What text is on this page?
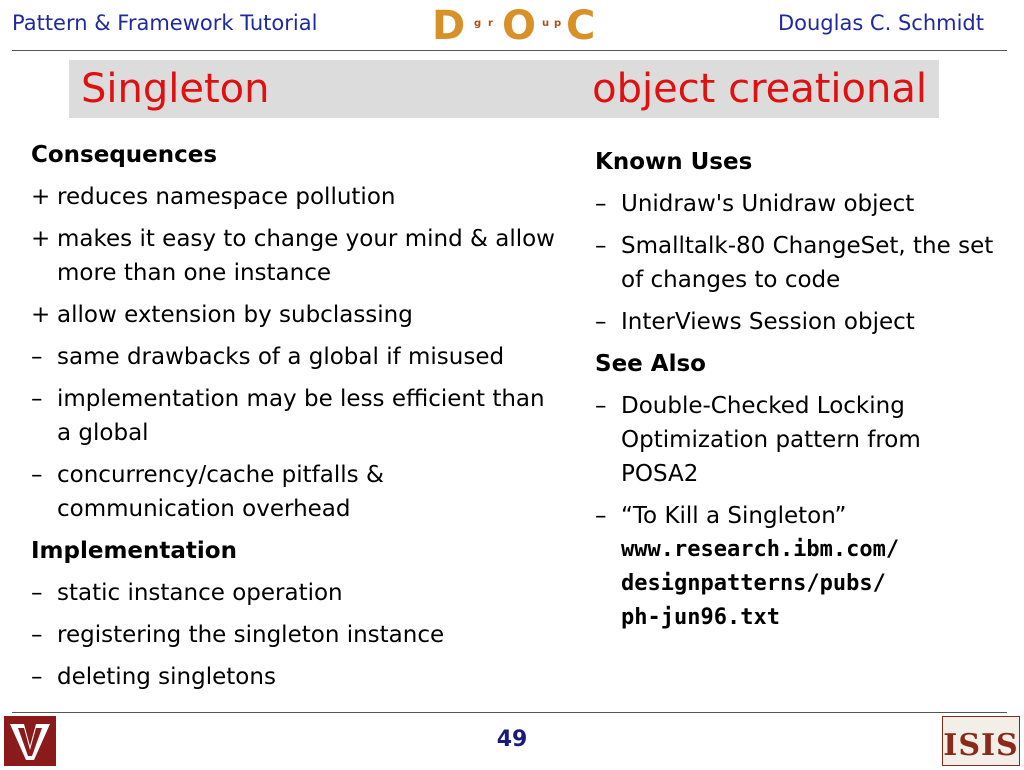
Pattern & Framework Tutorial	D g r O u p C	Douglas C. Schmidt
Singleton	object creational
Consequences
+ reduces namespace pollution
+ makes it easy to change your mind & allow more than one instance
+ allow extension by subclassing
– same drawbacks of a global if misused
– implementation may be less efficient than a global
– concurrency/cache pitfalls & communication overhead
Implementation
– static instance operation
– registering the singleton instance
– deleting singletons
Known Uses
– Unidraw's Unidraw object
– Smalltalk-80 ChangeSet, the set of changes to code
– InterViews Session object
See Also
– Double-Checked Locking Optimization pattern from POSA2
– “To Kill a Singleton”
www.research.ibm.com/
designpatterns/pubs/
ph-jun96.txt
49	ISIS
